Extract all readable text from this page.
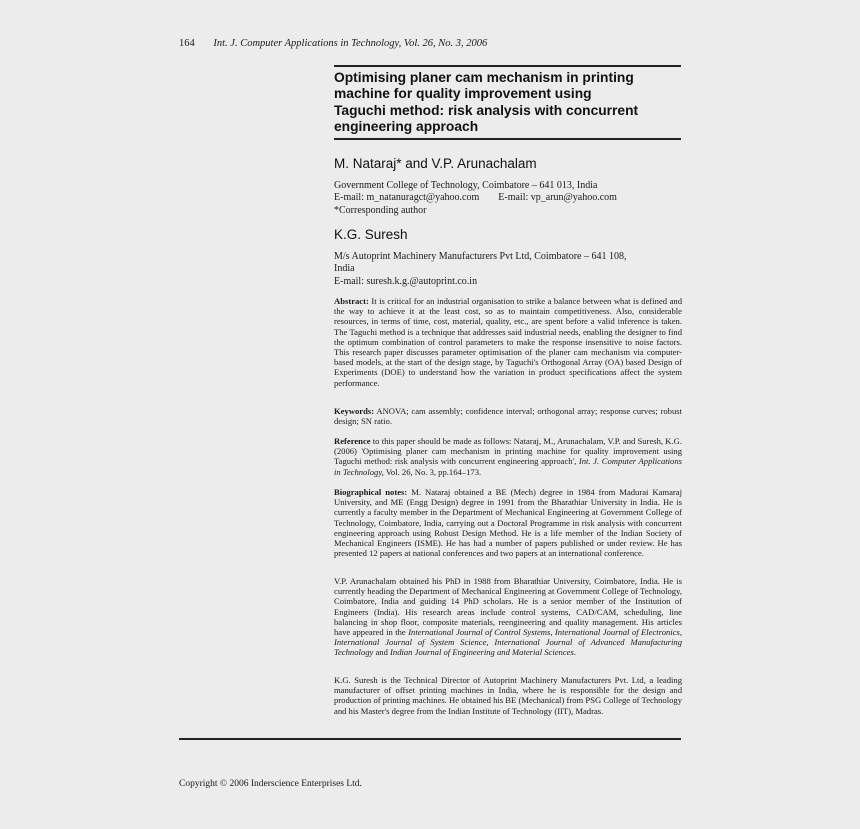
164 Int. J. Computer Applications in Technology, Vol. 26, No. 3, 2006
Optimising planer cam mechanism in printing
machine for quality improvement using
Taguchi method: risk analysis with concurrent
engineering approach
M. Nataraj* and V.P. Arunachalam
Government College of Technology, Coimbatore – 641 013, India
E-mail: m_natanuragct@yahoo.com E-mail: vp_arun@yahoo.com
*Corresponding author
K.G. Suresh
M/s Autoprint Machinery Manufacturers Pvt Ltd, Coimbatore – 641 108,
India
E-mail: suresh.k.g.@autoprint.co.in
Abstract: It is critical for an industrial organisation to strike a balance between what is defined and the way to achieve it at the least cost, so as to maintain competitiveness. Also, considerable resources, in terms of time, cost, material, quality, etc., are spent before a valid inference is taken. The Taguchi method is a technique that addresses said industrial needs, enabling the designer to find the optimum combination of control parameters to make the response insensitive to noise factors. This research paper discusses parameter optimisation of the planer cam mechanism via computer-based models, at the start of the design stage, by Taguchi's Orthogonal Array (OA) based Design of Experiments (DOE) to understand how the variation in product specifications affect the system performance.
Keywords: ANOVA; cam assembly; confidence interval; orthogonal array; response curves; robust design; SN ratio.
Reference to this paper should be made as follows: Nataraj, M., Arunachalam, V.P. and Suresh, K.G. (2006) 'Optimising planer cam mechanism in printing machine for quality improvement using Taguchi method: risk analysis with concurrent engineering approach', Int. J. Computer Applications in Technology, Vol. 26, No. 3, pp.164–173.
Biographical notes: M. Nataraj obtained a BE (Mech) degree in 1984 from Madurai Kamaraj University, and ME (Engg Design) degree in 1991 from the Bharathiar University in India. He is currently a faculty member in the Department of Mechanical Engineering at Government College of Technology, Coimbatore, India, carrying out a Doctoral Programme in risk analysis with concurrent engineering approach using Robust Design Method. He is a life member of the Indian Society of Mechanical Engineers (ISME). He has had a number of papers published or under review. He has presented 12 papers at national conferences and two papers at an international conference.
V.P. Arunachalam obtained his PhD in 1988 from Bharathiar University, Coimbatore, India. He is currently heading the Department of Mechanical Engineering at Government College of Technology, Coimbatore, India and guiding 14 PhD scholars. He is a senior member of the Institution of Engineers (India). His research areas include control systems, CAD/CAM, scheduling, line balancing in shop floor, composite materials, reengineering and quality management. His articles have appeared in the International Journal of Control Systems, International Journal of Electronics, International Journal of System Science, International Journal of Advanced Manufacturing Technology and Indian Journal of Engineering and Material Sciences.
K.G. Suresh is the Technical Director of Autoprint Machinery Manufacturers Pvt. Ltd, a leading manufacturer of offset printing machines in India, where he is responsible for the design and production of printing machines. He obtained his BE (Mechanical) from PSG College of Technology and his Master's degree from the Indian Institute of Technology (IIT), Madras.
Copyright © 2006 Inderscience Enterprises Ltd.
